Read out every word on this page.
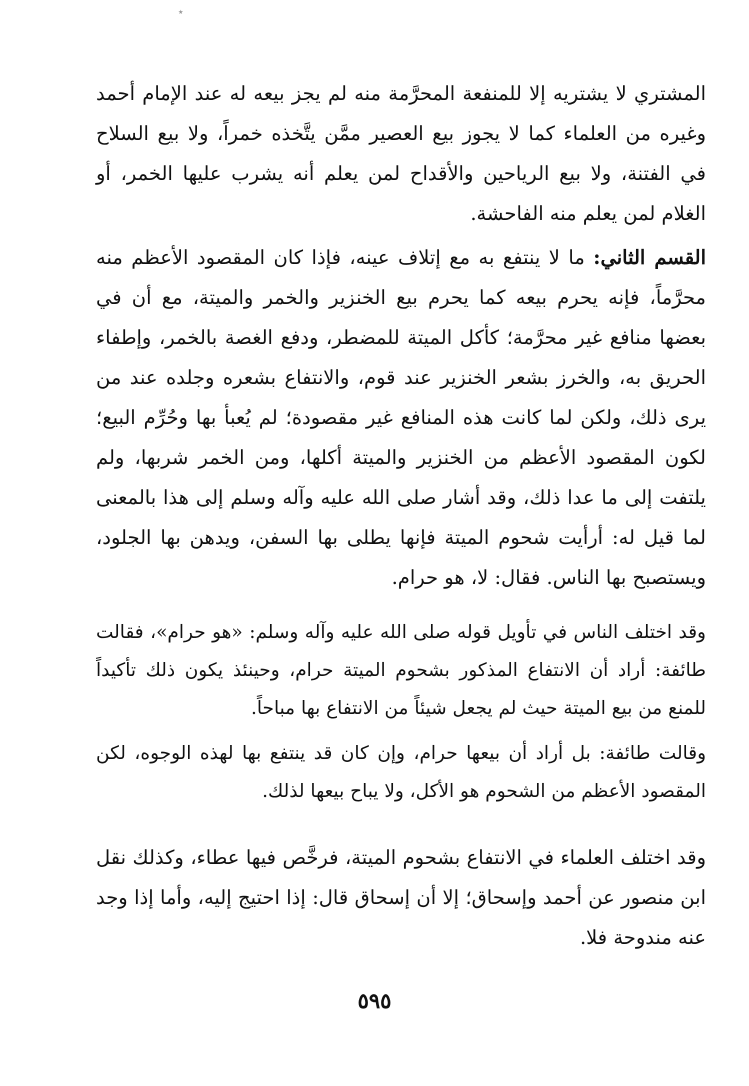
٭

المشتري لا يشتريه إلا للمنفعة المحرَّمة منه لم يجز بيعه له عند الإمام أحمد وغيره من العلماء كما لا يجوز بيع العصير ممَّن يتَّخذه خمراً، ولا بيع السلاح في الفتنة، ولا بيع الرياحين والأقداح لمن يعلم أنه يشرب عليها الخمر، أو الغلام لمن يعلم منه الفاحشة.

القسم الثاني: ما لا ينتفع به مع إتلاف عينه، فإذا كان المقصود الأعظم منه محرَّماً، فإنه يحرم بيعه كما يحرم بيع الخنزير والخمر والميتة، مع أن في بعضها منافع غير محرَّمة؛ كأكل الميتة للمضطر، ودفع الغصة بالخمر، وإطفاء الحريق به، والخرز بشعر الخنزير عند قوم، والانتفاع بشعره وجلده عند من يرى ذلك، ولكن لما كانت هذه المنافع غير مقصودة؛ لم يُعبأ بها وحُرِّم البيع؛ لكون المقصود الأعظم من الخنزير والميتة أكلها، ومن الخمر شربها، ولم يلتفت إلى ما عدا ذلك، وقد أشار صلى الله عليه وآله وسلم إلى هذا بالمعنى لما قيل له: أرأيت شحوم الميتة فإنها يطلى بها السفن، ويدهن بها الجلود، ويستصبح بها الناس. فقال: لا، هو حرام.

وقد اختلف الناس في تأويل قوله صلى الله عليه وآله وسلم: «هو حرام»، فقالت طائفة: أراد أن الانتفاع المذكور بشحوم الميتة حرام، وحينئذ يكون ذلك تأكيداً للمنع من بيع الميتة حيث لم يجعل شيئاً من الانتفاع بها مباحاً.

وقالت طائفة: بل أراد أن بيعها حرام، وإن كان قد ينتفع بها لهذه الوجوه، لكن المقصود الأعظم من الشحوم هو الأكل، ولا يباح بيعها لذلك.

وقد اختلف العلماء في الانتفاع بشحوم الميتة، فرخَّص فيها عطاء، وكذلك نقل ابن منصور عن أحمد وإسحاق؛ إلا أن إسحاق قال: إذا احتيج إليه، وأما إذا وجد عنه مندوحة فلا.

٥٩٥
